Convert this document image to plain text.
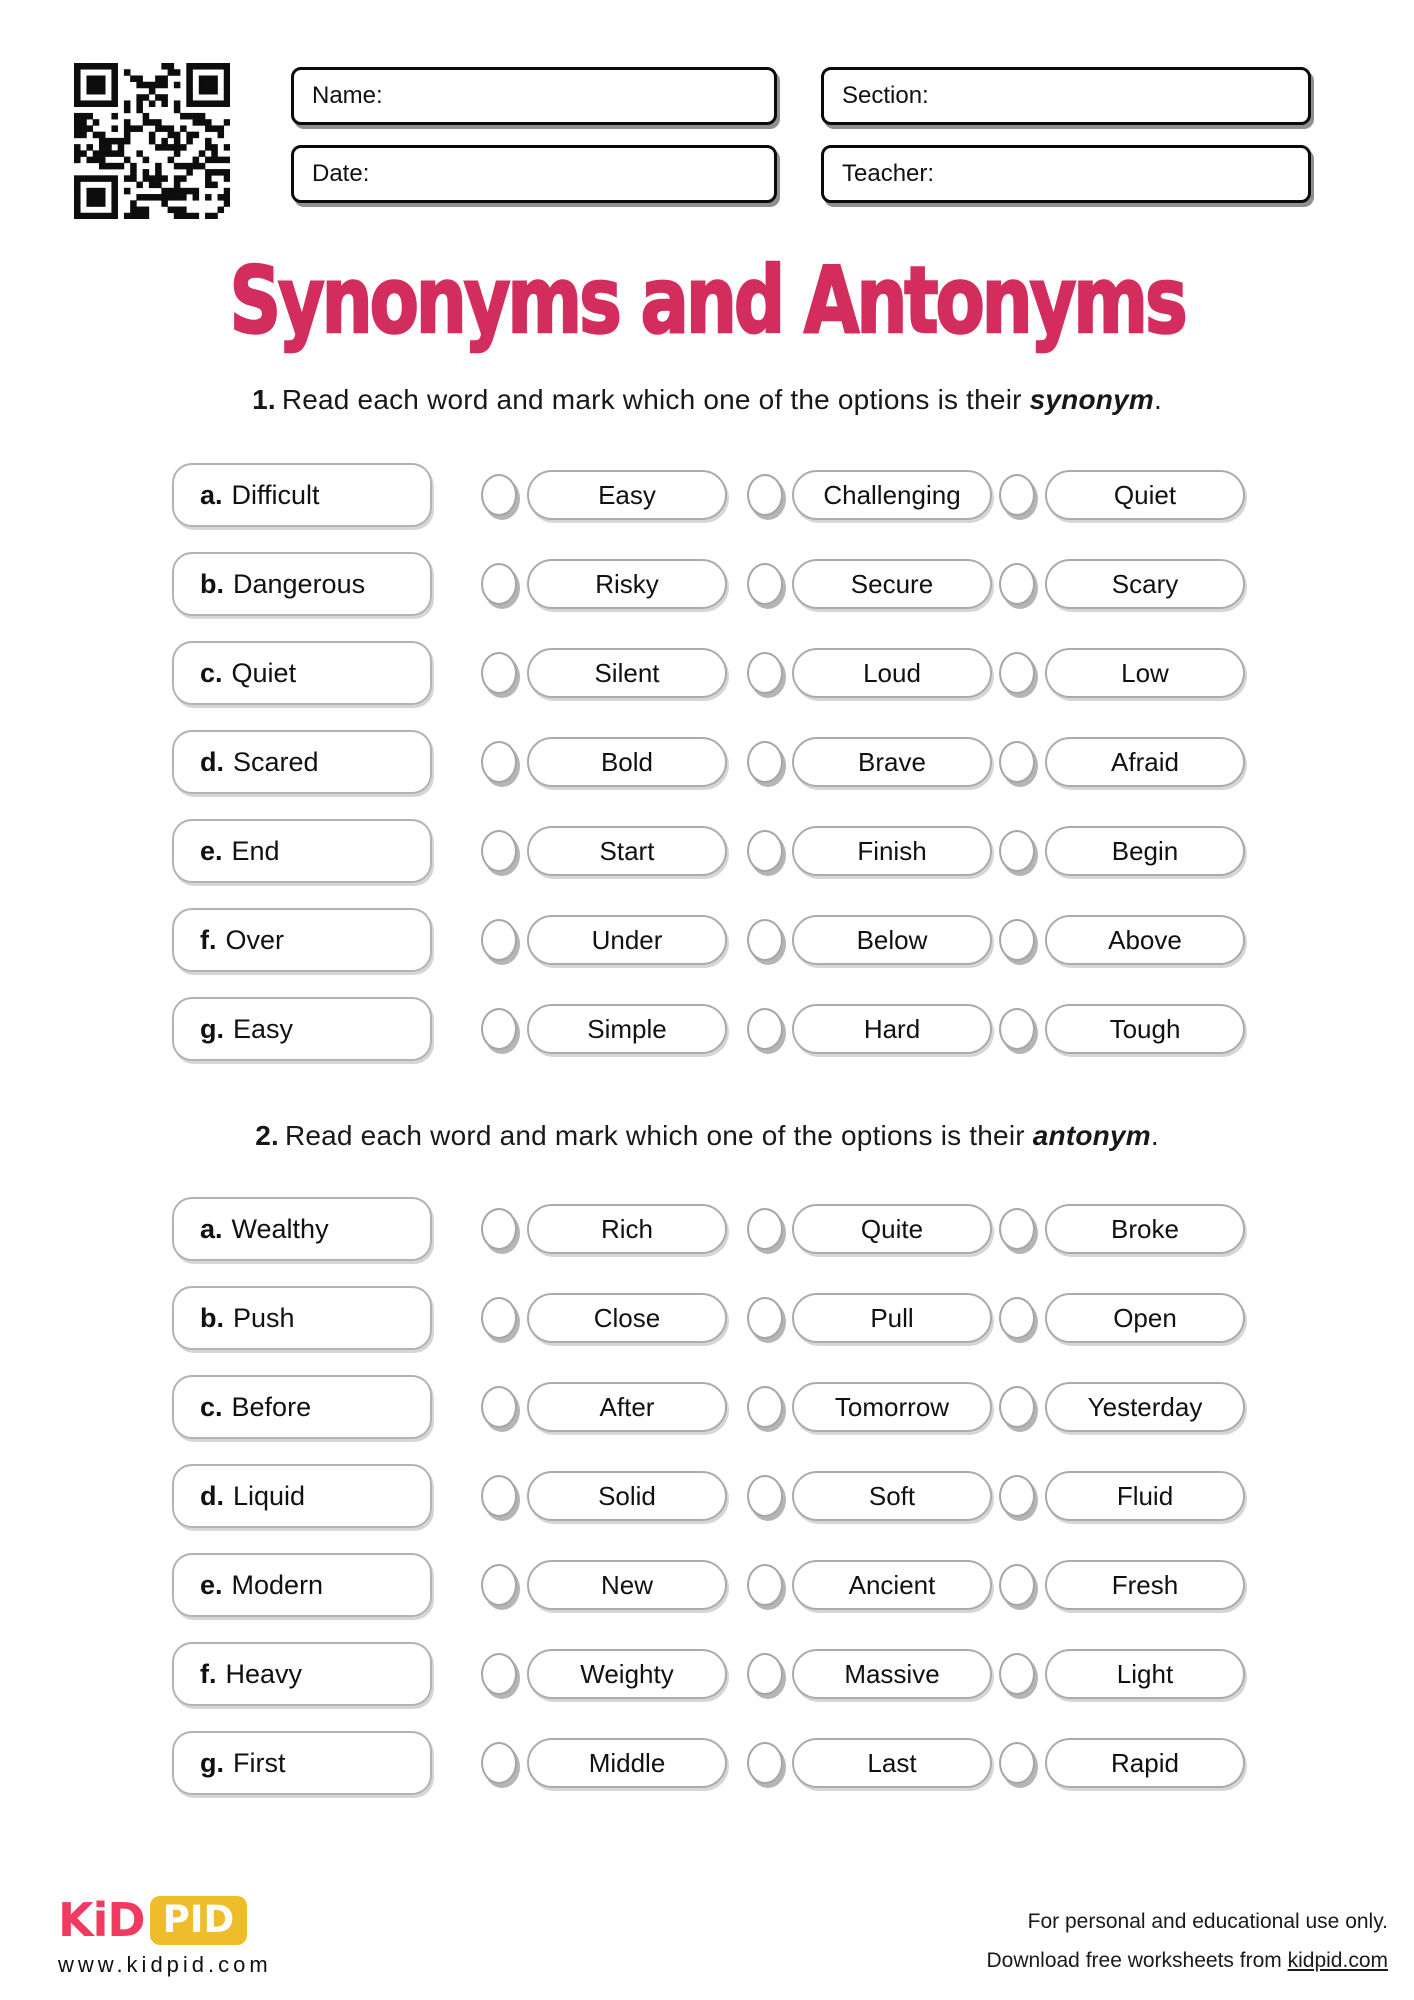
Name:	Section:
Date:	Teacher:
Synonyms and Antonyms
1. Read each word and mark which one of the options is their synonym.
a. Difficult	Easy	Challenging	Quiet
b. Dangerous	Risky	Secure	Scary
c. Quiet	Silent	Loud	Low
d. Scared	Bold	Brave	Afraid
e. End	Start	Finish	Begin
f. Over	Under	Below	Above
g. Easy	Simple	Hard	Tough
2. Read each word and mark which one of the options is their antonym.
a. Wealthy	Rich	Quite	Broke
b. Push	Close	Pull	Open
c. Before	After	Tomorrow	Yesterday
d. Liquid	Solid	Soft	Fluid
e. Modern	New	Ancient	Fresh
f. Heavy	Weighty	Massive	Light
g. First	Middle	Last	Rapid
KiD PID
www.kidpid.com
For personal and educational use only.
Download free worksheets from kidpid.com
